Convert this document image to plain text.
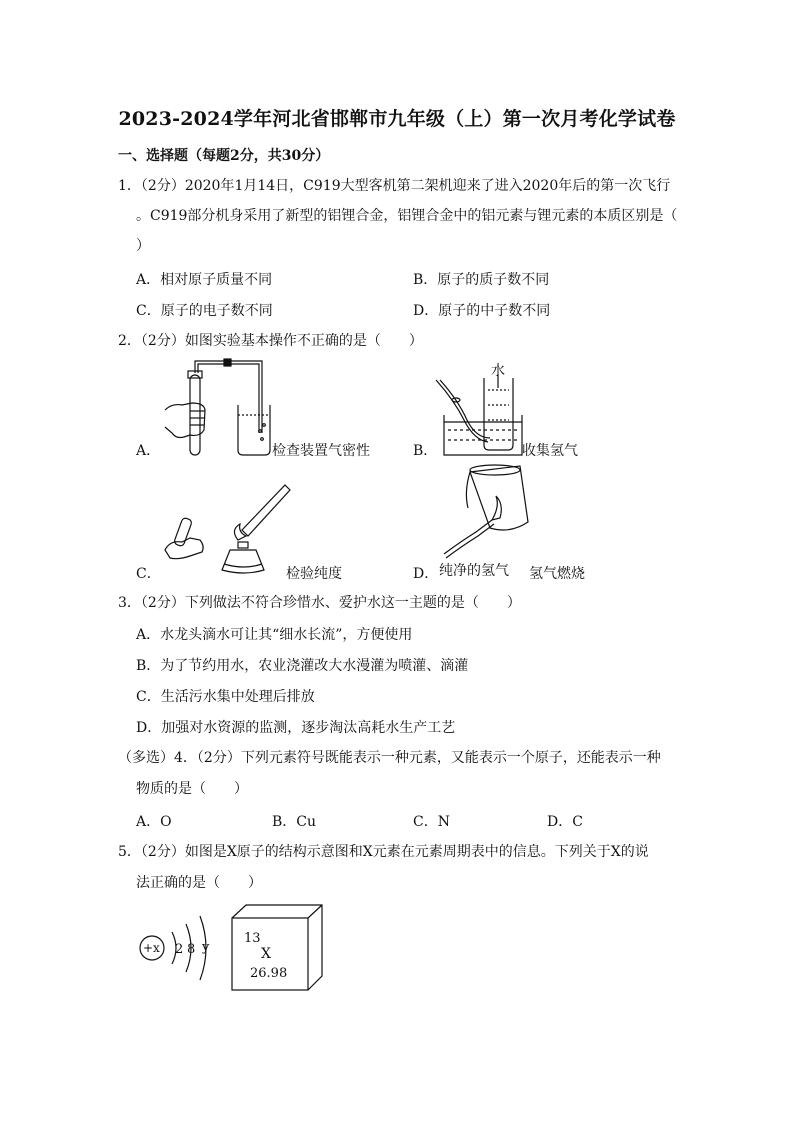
2023-2024学年河北省邯郸市九年级（上）第一次月考化学试卷
一、选择题（每题2分，共30分）
1．（2分）2020年1月14日，C919大型客机第二架机迎来了进入2020年后的第一次飞行
。C919部分机身采用了新型的铝锂合金，铝锂合金中的铝元素与锂元素的本质区别是（
）
A．相对原子质量不同	B．原子的质子数不同
C．原子的电子数不同	D．原子的中子数不同
2．（2分）如图实验基本操作不正确的是（　　）
A．	检查装置气密性	B．
水
收集氢气
C．	检验纯度	D． 纯净的氢气 氢气燃烧
3．（2分）下列做法不符合珍惜水、爱护水这一主题的是（　　）
A．水龙头滴水可让其“细水长流”，方便使用
B．为了节约用水，农业浇灌改大水漫灌为喷灌、滴灌
C．生活污水集中处理后排放
D．加强对水资源的监测，逐步淘汰高耗水生产工艺
（多选）4．（2分）下列元素符号既能表示一种元素，又能表示一个原子，还能表示一种
物质的是（　　）
A．O	B．Cu	C．N	D．C
5．（2分）如图是X原子的结构示意图和X元素在元素周期表中的信息。下列关于X的说
法正确的是（　　）
+x 2 8 y
13
X
26.98
